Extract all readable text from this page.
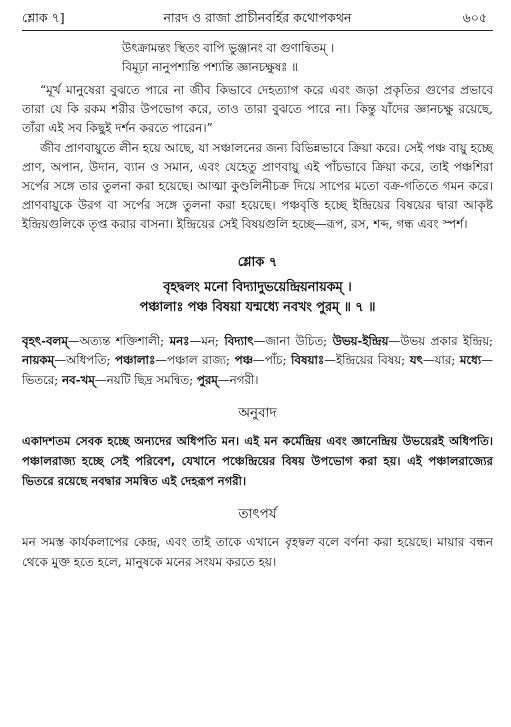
শ্লোক ৭]	নারদ ও রাজা প্রাচীনবর্হির কথোপকথন	৬০৫
উৎক্রামন্তং স্থিতং বাপি ভুঞ্জানং বা গুণান্বিতম্ ।
বিমূঢ়া নানুপশ্যন্তি পশ্যন্তি জ্ঞানচক্ষুষঃ ॥

“মূর্খ মানুষেরা বুঝতে পারে না জীব কিভাবে দেহত্যাগ করে এবং জড়া প্রকৃতির গুণের প্রভাবে তারা যে কি রকম শরীর উপভোগ করে, তাও তারা বুঝতে পারে না। কিন্তু যাঁদের জ্ঞানচক্ষু রয়েছে, তাঁরা এই সব কিছুই দর্শন করতে পারেন।”

জীব প্রাণবায়ুতে লীন হয়ে আছে, যা সঞ্চালনের জন্য বিভিন্নভাবে ক্রিয়া করে। সেই পঞ্চ বায়ু হচ্ছে প্রাণ, অপান, উদান, ব্যান ও সমান, এবং যেহেতু প্রাণবায়ু এই পাঁচভাবে ক্রিয়া করে, তাই পঞ্চশিরা সর্পের সঙ্গে তার তুলনা করা হয়েছে। আত্মা কুণ্ডলিনীচক্র দিয়ে সাপের মতো বক্র-গতিতে গমন করে। প্রাণবায়ুকে উরগ বা সর্পের সঙ্গে তুলনা করা হয়েছে। পঞ্চবৃত্তি হচ্ছে ইন্দ্রিয়ের বিষয়ের দ্বারা আকৃষ্ট ইন্দ্রিয়গুলিকে তৃপ্ত করার বাসনা। ইন্দ্রিয়ের সেই বিষয়গুলি হচ্ছে—রূপ, রস, শব্দ, গন্ধ এবং স্পর্শ।

শ্লোক ৭
বৃহদ্বলং মনো বিদ্যাদুভয়েন্দ্রিয়নায়কম্ ।
পঞ্চালাঃ পঞ্চ বিষয়া যন্মধ্যে নবখং পুরম্ ॥ ৭ ॥
বৃহৎ-বলম্—অত্যন্ত শক্তিশালী; মনঃ—মন; বিদ্যাৎ—জানা উচিত; উভয়-ইন্দ্রিয়—উভয় প্রকার ইন্দ্রিয়; নায়কম্—অধিপতি; পঞ্চালাঃ—পঞ্চাল রাজ্য; পঞ্চ—পাঁচ; বিষয়াঃ—ইন্দ্রিয়ের বিষয়; যৎ—যার; মধ্যে—ভিতরে; নব-খম্—নয়টি ছিদ্র সমন্বিত; পুরম্—নগরী।
অনুবাদ
একাদশতম সেবক হচ্ছে অন্যদের অধিপতি মন। এই মন কর্মেন্দ্রিয় এবং জ্ঞানেন্দ্রিয় উভয়েরই অধিপতি। পঞ্চালরাজ্য হচ্ছে সেই পরিবেশ, যেখানে পঞ্চেন্দ্রিয়ের বিষয় উপভোগ করা হয়। এই পঞ্চালরাজ্যের ভিতরে রয়েছে নবদ্বার সমন্বিত এই দেহরূপ নগরী।
তাৎপর্য
মন সমস্ত কার্যকলাপের কেন্দ্র, এবং তাই তাকে এখানে বৃহদ্বল বলে বর্ণনা করা হয়েছে। মায়ার বন্ধন থেকে মুক্ত হতে হলে, মানুষকে মনের সংযম করতে হয়।
